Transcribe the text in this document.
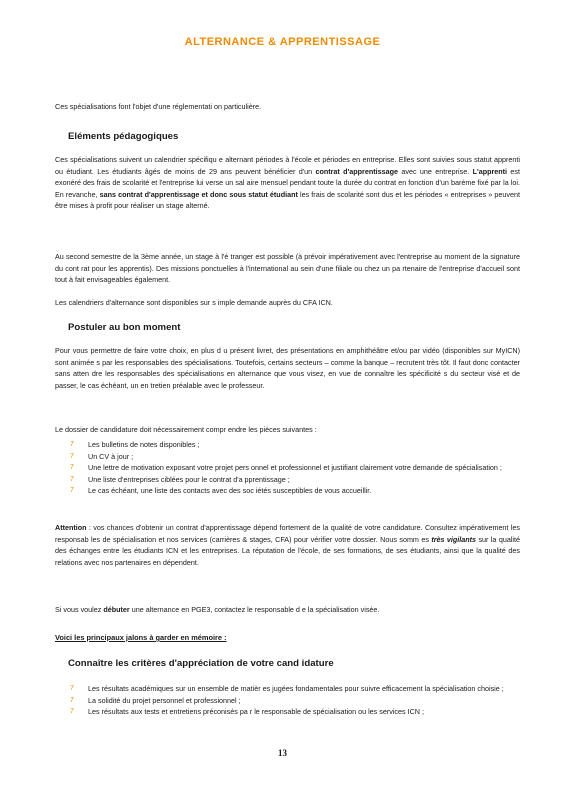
ALTERNANCE & APPRENTISSAGE
Ces spécialisations font l'objet d'une réglementati on particulière.
Eléments pédagogiques
Ces spécialisations suivent un calendrier spécifiqu e alternant périodes à l'école et périodes en entreprise. Elles sont suivies sous statut apprenti ou étudiant. Les étudiants âgés de moins de 29 ans peuvent bénéficier d'un contrat d'apprentissage avec une entreprise. L'apprenti est exonéré des frais de scolarité et l'entreprise lui verse un sal aire mensuel pendant toute la durée du contrat en fonction d'un barème fixé par la loi. En revanche, sans contrat d'apprentissage et donc sous statut étudiant les frais de scolarité sont dus et les périodes « entreprises » peuvent être mises à profit pour réaliser un stage alterné.
Au second semestre de la 3ème année, un stage à l'é tranger est possible (à prévoir impérativement avec l'entreprise au moment de la signature du cont rat pour les apprentis). Des missions ponctuelles à l'international au sein d'une filiale ou chez un pa rtenaire de l'entreprise d'accueil sont tout à fait envisageables également.
Les calendriers d'alternance sont disponibles sur s imple demande auprès du CFA ICN.
Postuler au bon moment
Pour vous permettre de faire votre choix, en plus d u présent livret, des présentations en amphithéâtre et/ou par vidéo (disponibles sur MyICN) sont animée s par les responsables des spécialisations. Toutefois, certains secteurs – comme la banque – recrutent très tôt. Il faut donc contacter sans atten dre les responsables des spécialisations en alternance que vous visez, en vue de connaître les spécificité s du secteur visé et de passer, le cas échéant, un en tretien préalable avec le professeur.
Le dossier de candidature doit nécessairement compr endre les pièces suivantes :
7 Les bulletins de notes disponibles ;
7 Un CV à jour ;
7 Une lettre de motivation exposant votre projet pers onnel et professionnel et justifiant clairement votre demande de spécialisation ;
7 Une liste d'entreprises ciblées pour le contrat d'a pprentissage ;
7 Le cas échéant, une liste des contacts avec des soc iétés susceptibles de vous accueillir.
Attention : vos chances d'obtenir un contrat d'apprentissage dépend fortement de la qualité de votre candidature. Consultez impérativement les responsab les de spécialisation et nos services (carrières & stages, CFA) pour vérifier votre dossier. Nous somm es très vigilants sur la qualité des échanges entre les étudiants ICN et les entreprises. La réputation de l'école, de ses formations, de ses étudiants, ainsi que la qualité des relations avec nos partenaires en dépendent.
Si vous voulez débuter une alternance en PGE3, contactez le responsable d e la spécialisation visée.
Voici les principaux jalons à garder en mémoire :
Connaître les critères d'appréciation de votre cand idature
7 Les résultats académiques sur un ensemble de matièr es jugées fondamentales pour suivre efficacement la spécialisation choisie ;
7 La solidité du projet personnel et professionnel ;
7 Les résultats aux tests et entretiens préconisés pa r le responsable de spécialisation ou les services ICN ;
13
